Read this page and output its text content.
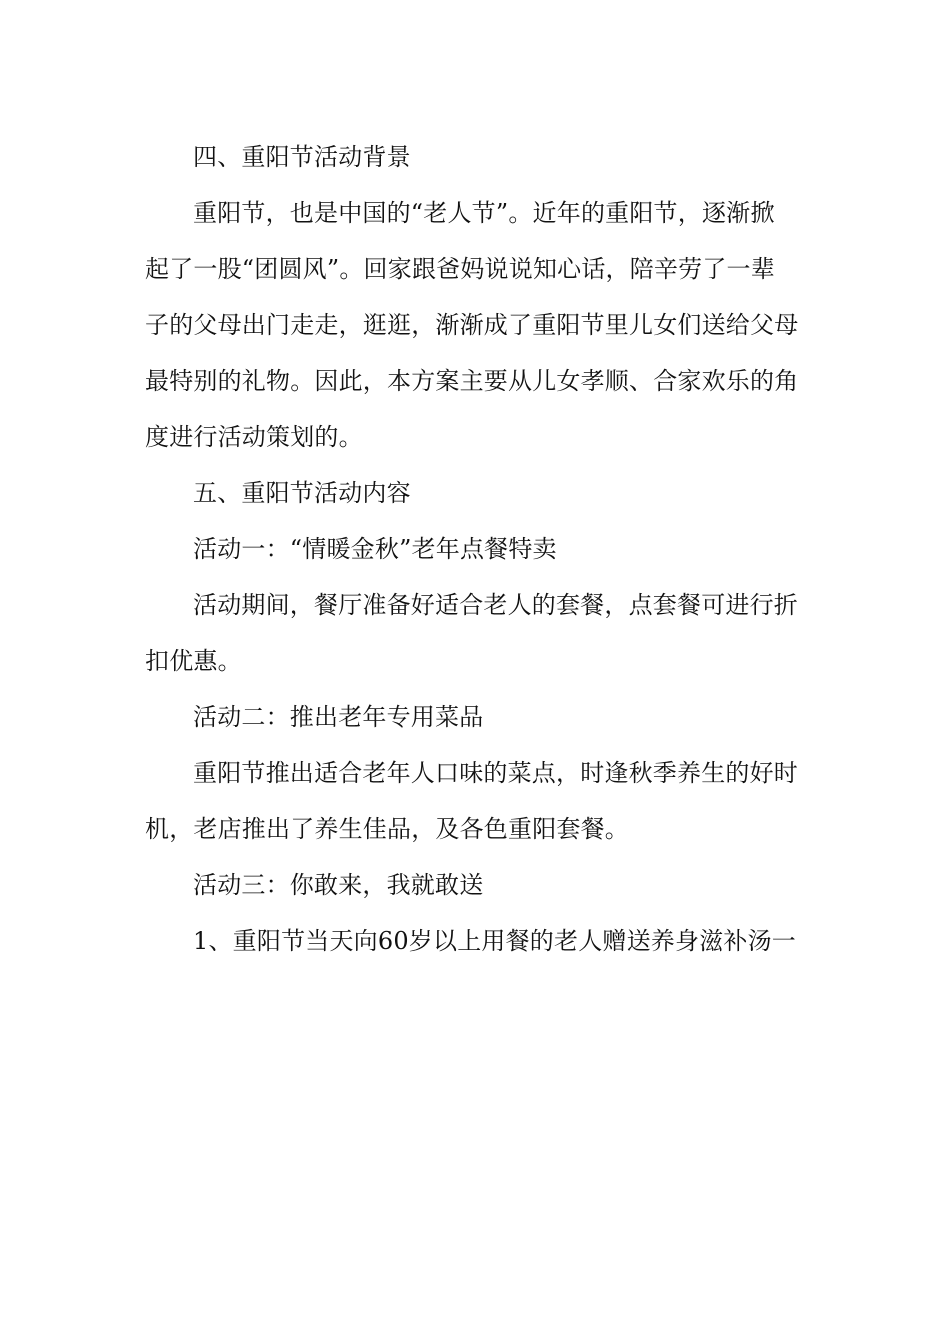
四、重阳节活动背景
重阳节，也是中国的“老人节”。近年的重阳节，逐渐掀
起了一股“团圆风”。回家跟爸妈说说知心话，陪辛劳了一辈
子的父母出门走走，逛逛，渐渐成了重阳节里儿女们送给父母
最特别的礼物。因此，本方案主要从儿女孝顺、合家欢乐的角
度进行活动策划的。
五、重阳节活动内容
活动一：“情暖金秋”老年点餐特卖
活动期间，餐厅准备好适合老人的套餐，点套餐可进行折
扣优惠。
活动二：推出老年专用菜品
重阳节推出适合老年人口味的菜点，时逢秋季养生的好时
机，老店推出了养生佳品，及各色重阳套餐。
活动三：你敢来，我就敢送
1、重阳节当天向60岁以上用餐的老人赠送养身滋补汤一
